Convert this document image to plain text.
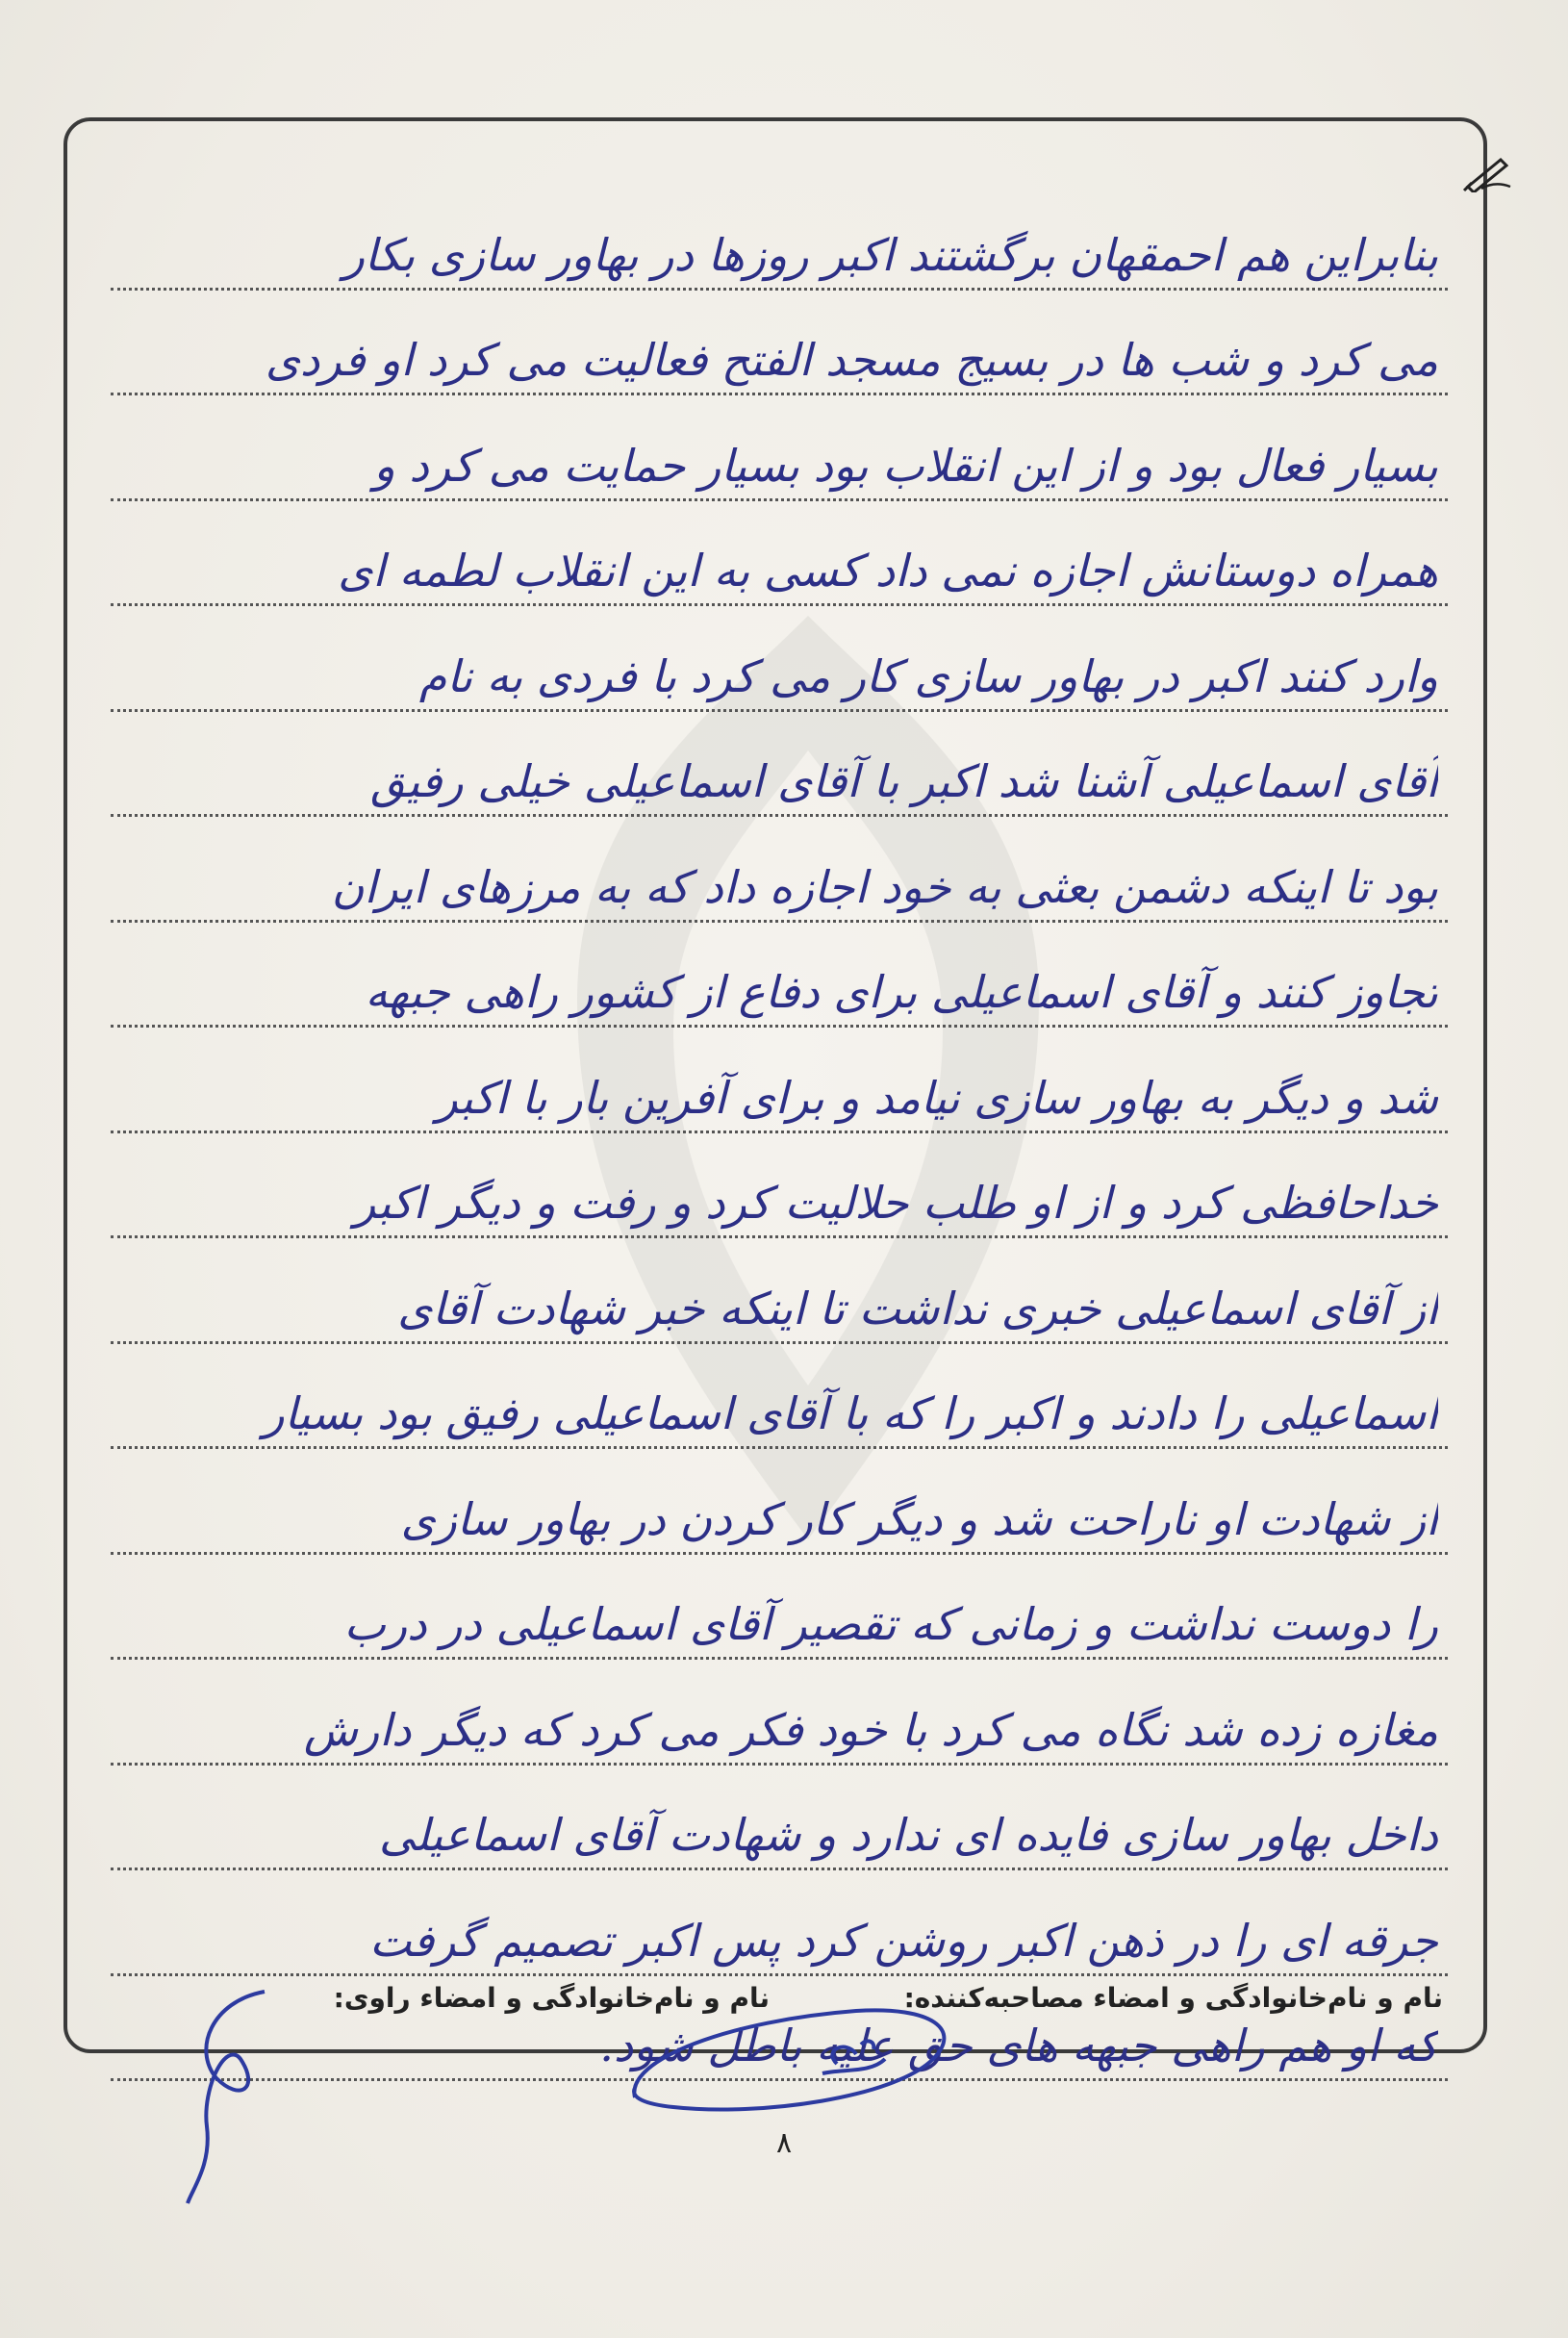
بنابراین هم احمقهان برگشتند اکبر روزها در بهاور سازی بکار
می کرد و شب ها در بسیج مسجد الفتح فعالیت می کرد او فردی
بسیار فعال بود و از این انقلاب بود بسیار حمایت می کرد و
همراه دوستانش اجازه نمی داد کسی به این انقلاب لطمه ای
وارد کنند اکبر در بهاور سازی کار می کرد با فردی به نام
آقای اسماعیلی آشنا شد اکبر با آقای اسماعیلی خیلی رفیق
بود تا اینکه دشمن بعثی به خود اجازه داد که به مرزهای ایران
تجاوز کنند و آقای اسماعیلی برای دفاع از کشور راهی جبهه
شد و دیگر به بهاور سازی نیامد و برای آفرین بار با اکبر
خداحافظی کرد و از او طلب حلالیت کرد و رفت و دیگر اکبر
از آقای اسماعیلی خبری نداشت تا اینکه خبر شهادت آقای
اسماعیلی را دادند و اکبر را که با آقای اسماعیلی رفیق بود بسیار
از شهادت او ناراحت شد و دیگر کار کردن در بهاور سازی
را دوست نداشت و زمانی که تقصیر آقای اسماعیلی در درب
مغازه زده شد نگاه می کرد با خود فکر می کرد که دیگر دارش
داخل بهاور سازی فایده ای ندارد و شهادت آقای اسماعیلی
جرقه ای را در ذهن اکبر روشن کرد پس اکبر تصمیم گرفت
که او هم راهی جبهه های حق علیه باطل شود.
نام و نام‌خانوادگی و امضاء مصاحبه‌کننده:
نام و نام‌خانوادگی و امضاء راوی:
۸
